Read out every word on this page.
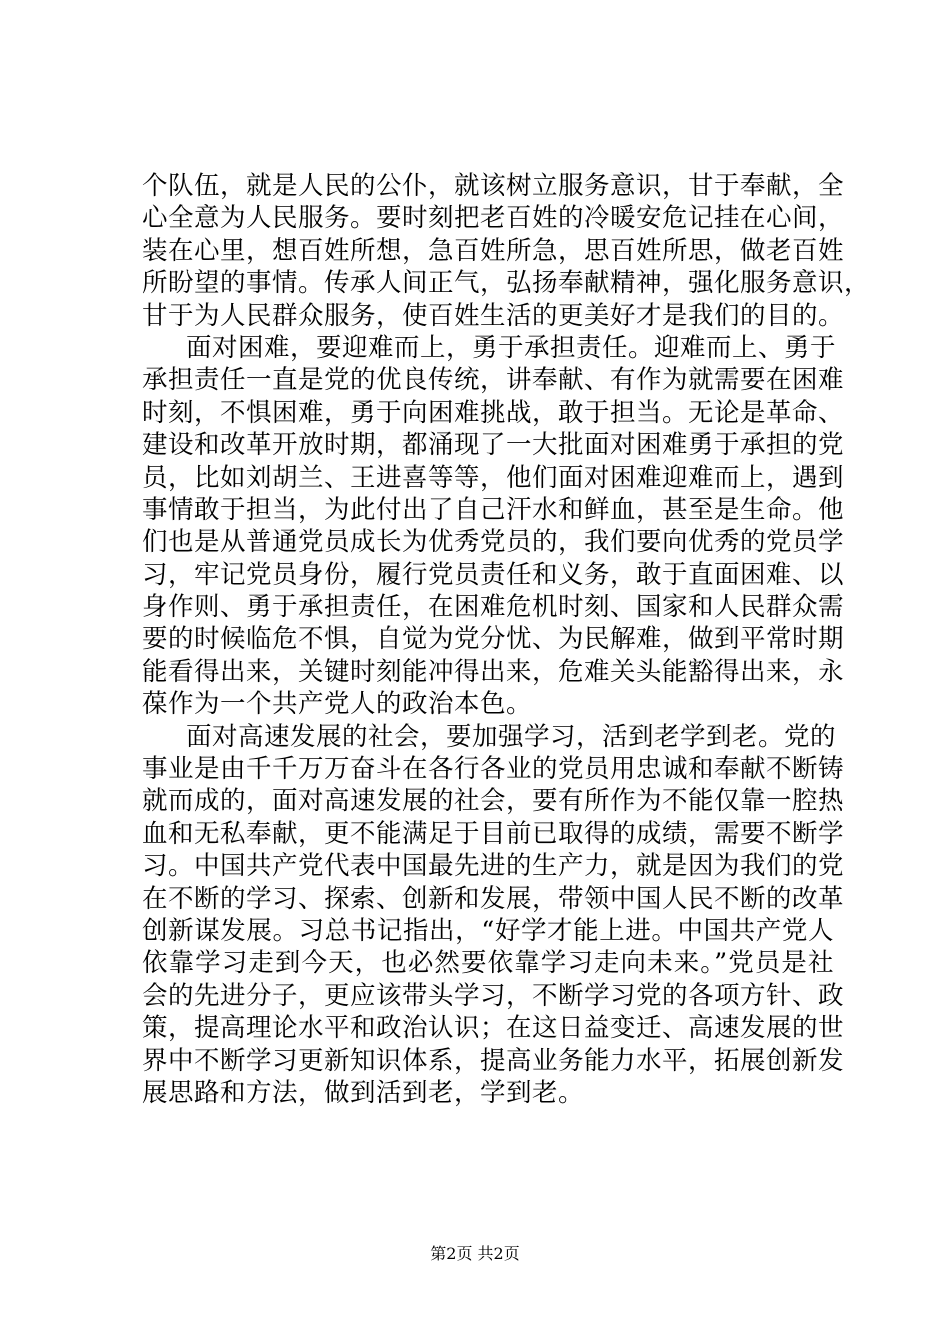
个队伍，就是人民的公仆，就该树立服务意识，甘于奉献，全
心全意为人民服务。要时刻把老百姓的冷暖安危记挂在心间，
装在心里，想百姓所想，急百姓所急，思百姓所思，做老百姓
所盼望的事情。传承人间正气，弘扬奉献精神，强化服务意识，
甘于为人民群众服务，使百姓生活的更美好才是我们的目的。
面对困难，要迎难而上，勇于承担责任。迎难而上、勇于
承担责任一直是党的优良传统，讲奉献、有作为就需要在困难
时刻，不惧困难，勇于向困难挑战，敢于担当。无论是革命、
建设和改革开放时期，都涌现了一大批面对困难勇于承担的党
员，比如刘胡兰、王进喜等等，他们面对困难迎难而上，遇到
事情敢于担当，为此付出了自己汗水和鲜血，甚至是生命。他
们也是从普通党员成长为优秀党员的，我们要向优秀的党员学
习，牢记党员身份，履行党员责任和义务，敢于直面困难、以
身作则、勇于承担责任，在困难危机时刻、国家和人民群众需
要的时候临危不惧，自觉为党分忧、为民解难，做到平常时期
能看得出来，关键时刻能冲得出来，危难关头能豁得出来，永
葆作为一个共产党人的政治本色。
面对高速发展的社会，要加强学习，活到老学到老。党的
事业是由千千万万奋斗在各行各业的党员用忠诚和奉献不断铸
就而成的，面对高速发展的社会，要有所作为不能仅靠一腔热
血和无私奉献，更不能满足于目前已取得的成绩，需要不断学
习。中国共产党代表中国最先进的生产力，就是因为我们的党
在不断的学习、探索、创新和发展，带领中国人民不断的改革
创新谋发展。习总书记指出，“好学才能上进。中国共产党人
依靠学习走到今天，也必然要依靠学习走向未来。”党员是社
会的先进分子，更应该带头学习，不断学习党的各项方针、政
策，提高理论水平和政治认识；在这日益变迁、高速发展的世
界中不断学习更新知识体系，提高业务能力水平，拓展创新发
展思路和方法，做到活到老，学到老。
第2页 共2页
